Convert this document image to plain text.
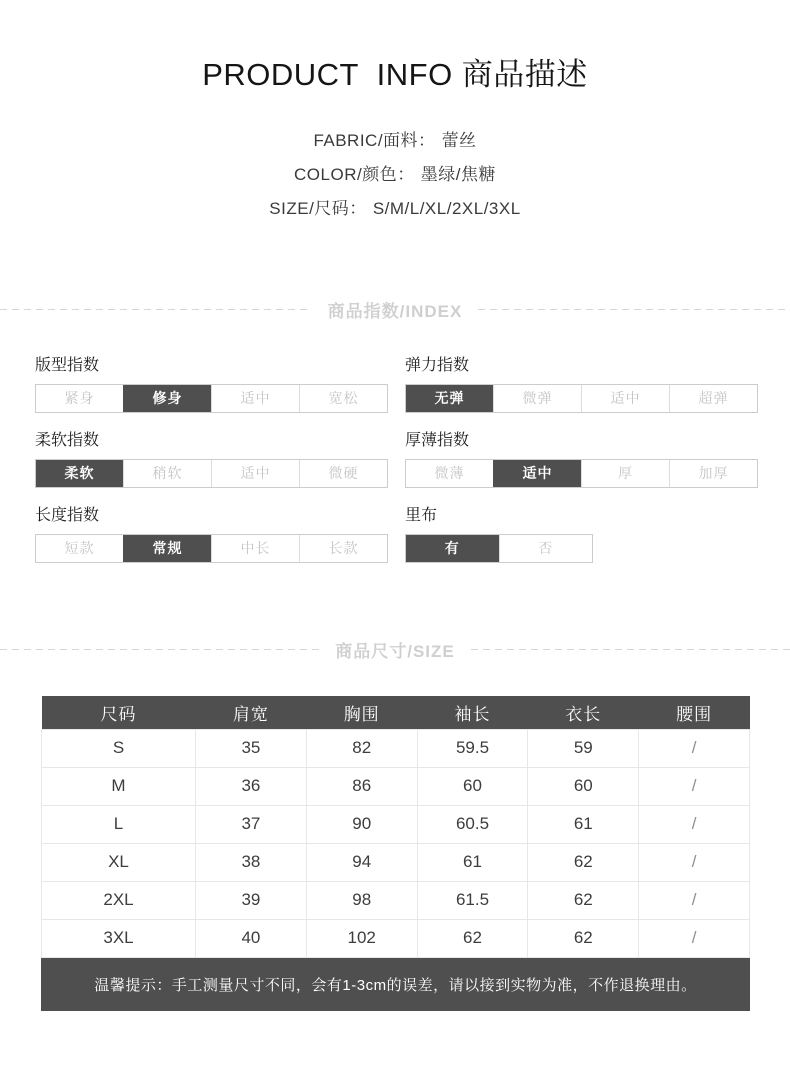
PRODUCT  INFO 商品描述
FABRIC/面料： 蕾丝
COLOR/颜色： 墨绿/焦糖
SIZE/尺码： S/M/L/XL/2XL/3XL
商品指数/INDEX
版型指数
紧身	修身	适中	宽松
弹力指数
无弹	微弹	适中	超弹
柔软指数
柔软	稍软	适中	微硬
厚薄指数
微薄	适中	厚	加厚
长度指数
短款	常规	中长	长款
里布
有	否
商品尺寸/SIZE
尺码	肩宽	胸围	袖长	衣长	腰围
S	35	82	59.5	59	/
M	36	86	60	60	/
L	37	90	60.5	61	/
XL	38	94	61	62	/
2XL	39	98	61.5	62	/
3XL	40	102	62	62	/
温馨提示：手工测量尺寸不同，会有1-3cm的误差，请以接到实物为准，不作退换理由。
